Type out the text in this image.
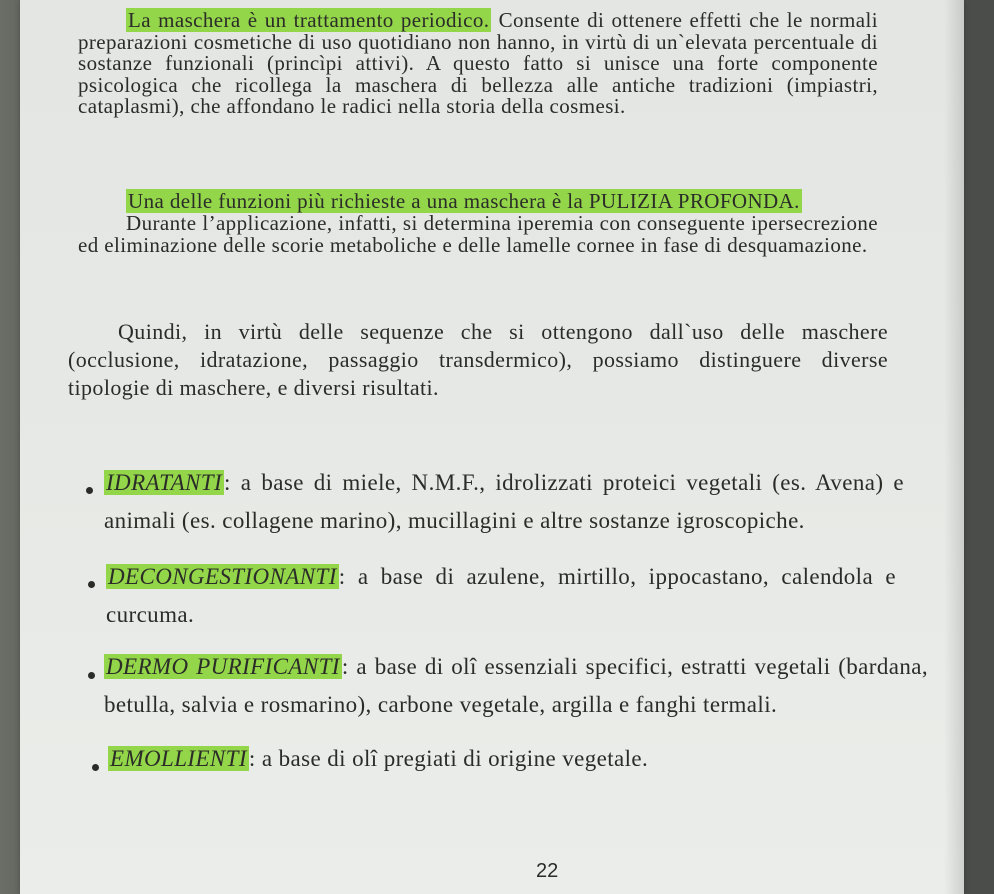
La maschera è un trattamento periodico. Consente di ottenere effetti che le normali preparazioni cosmetiche di uso quotidiano non hanno, in virtù di un`elevata percentuale di sostanze funzionali (princìpi attivi). A questo fatto si unisce una forte componente psicologica che ricollega la maschera di bellezza alle antiche tradizioni (impiastri, cataplasmi), che affondano le radici nella storia della cosmesi.
Una delle funzioni più richieste a una maschera è la PULIZIA PROFONDA.
Durante l’applicazione, infatti, si determina iperemia con conseguente ipersecrezione ed eliminazione delle scorie metaboliche e delle lamelle cornee in fase di desquamazione.
Quindi, in virtù delle sequenze che si ottengono dall`uso delle maschere (occlusione, idratazione, passaggio transdermico), possiamo distinguere diverse tipologie di maschere, e diversi risultati.
IDRATANTI: a base di miele, N.M.F., idrolizzati proteici vegetali (es. Avena) e animali (es. collagene marino), mucillagini e altre sostanze igroscopiche.
DECONGESTIONANTI: a base di azulene, mirtillo, ippocastano, calendola e curcuma.
DERMO PURIFICANTI: a base di olî essenziali specifici, estratti vegetali (bardana, betulla, salvia e rosmarino), carbone vegetale, argilla e fanghi termali.
EMOLLIENTI: a base di olî pregiati di origine vegetale.
22
